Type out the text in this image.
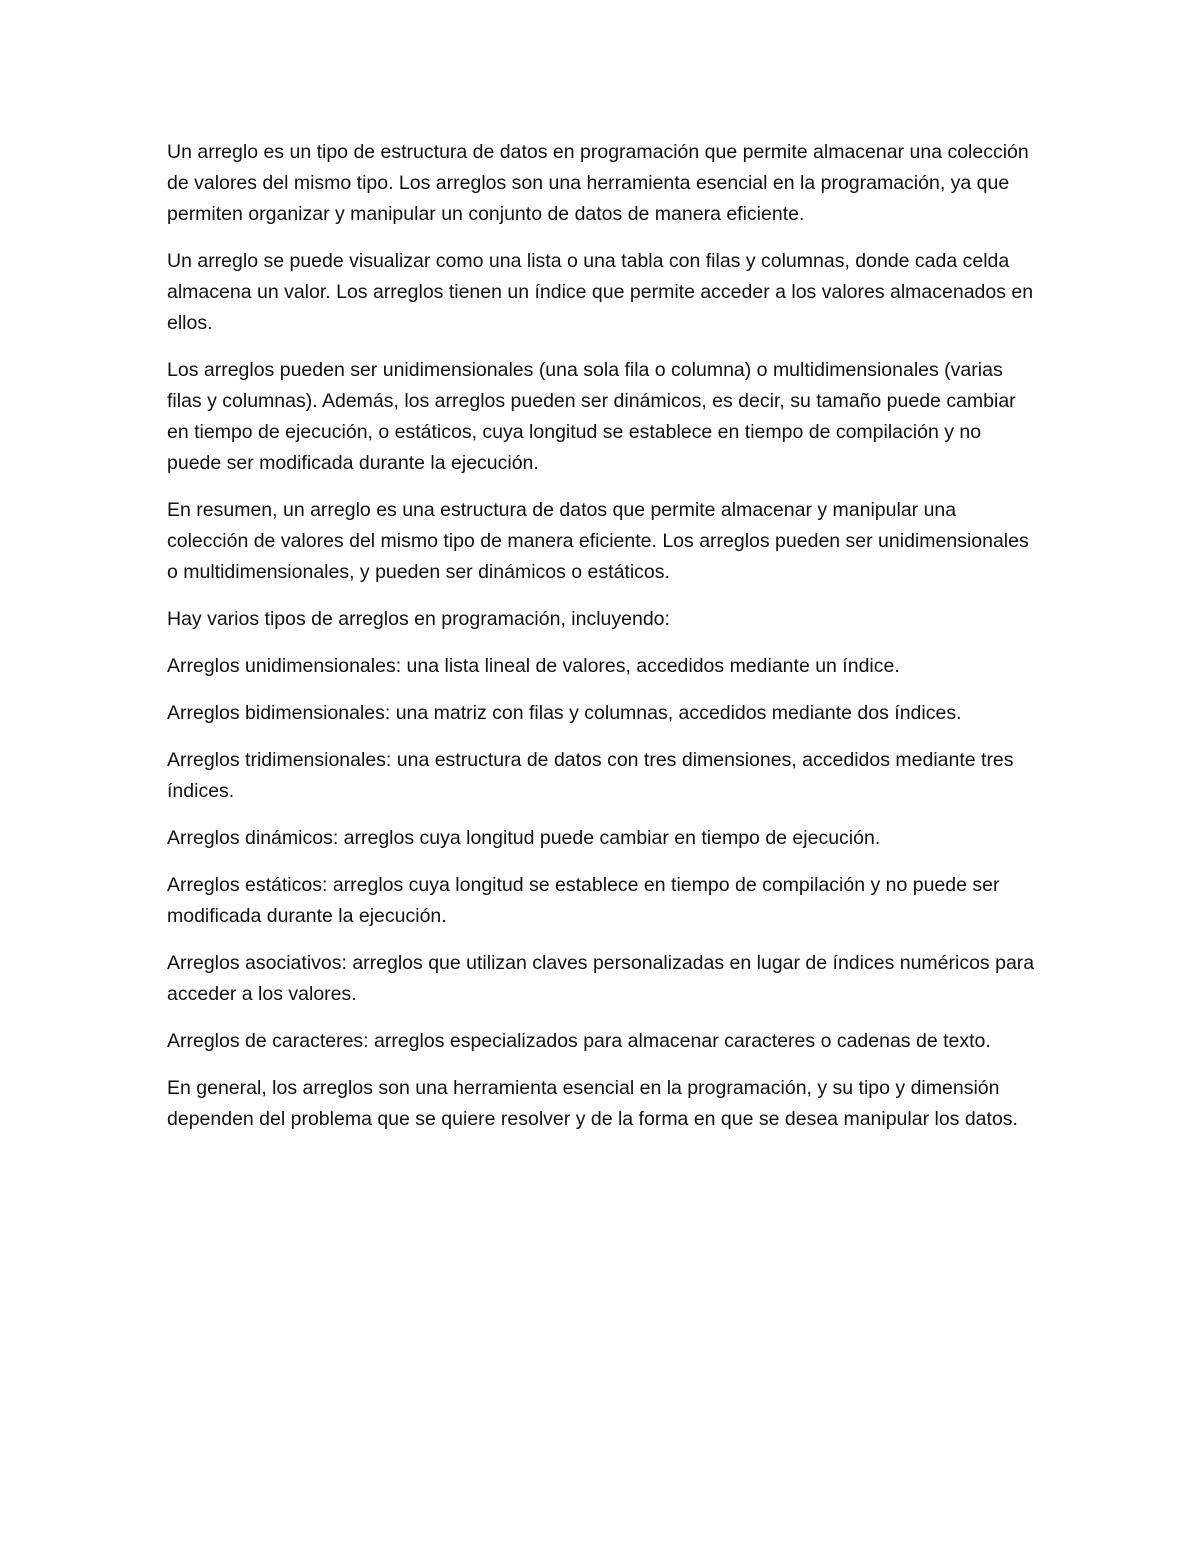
Un arreglo es un tipo de estructura de datos en programación que permite almacenar una colección de valores del mismo tipo. Los arreglos son una herramienta esencial en la programación, ya que permiten organizar y manipular un conjunto de datos de manera eficiente.

Un arreglo se puede visualizar como una lista o una tabla con filas y columnas, donde cada celda almacena un valor. Los arreglos tienen un índice que permite acceder a los valores almacenados en ellos.

Los arreglos pueden ser unidimensionales (una sola fila o columna) o multidimensionales (varias filas y columnas). Además, los arreglos pueden ser dinámicos, es decir, su tamaño puede cambiar en tiempo de ejecución, o estáticos, cuya longitud se establece en tiempo de compilación y no puede ser modificada durante la ejecución.

En resumen, un arreglo es una estructura de datos que permite almacenar y manipular una colección de valores del mismo tipo de manera eficiente. Los arreglos pueden ser unidimensionales o multidimensionales, y pueden ser dinámicos o estáticos.

Hay varios tipos de arreglos en programación, incluyendo:

Arreglos unidimensionales: una lista lineal de valores, accedidos mediante un índice.

Arreglos bidimensionales: una matriz con filas y columnas, accedidos mediante dos índices.

Arreglos tridimensionales: una estructura de datos con tres dimensiones, accedidos mediante tres índices.

Arreglos dinámicos: arreglos cuya longitud puede cambiar en tiempo de ejecución.

Arreglos estáticos: arreglos cuya longitud se establece en tiempo de compilación y no puede ser modificada durante la ejecución.

Arreglos asociativos: arreglos que utilizan claves personalizadas en lugar de índices numéricos para acceder a los valores.

Arreglos de caracteres: arreglos especializados para almacenar caracteres o cadenas de texto.

En general, los arreglos son una herramienta esencial en la programación, y su tipo y dimensión dependen del problema que se quiere resolver y de la forma en que se desea manipular los datos.
